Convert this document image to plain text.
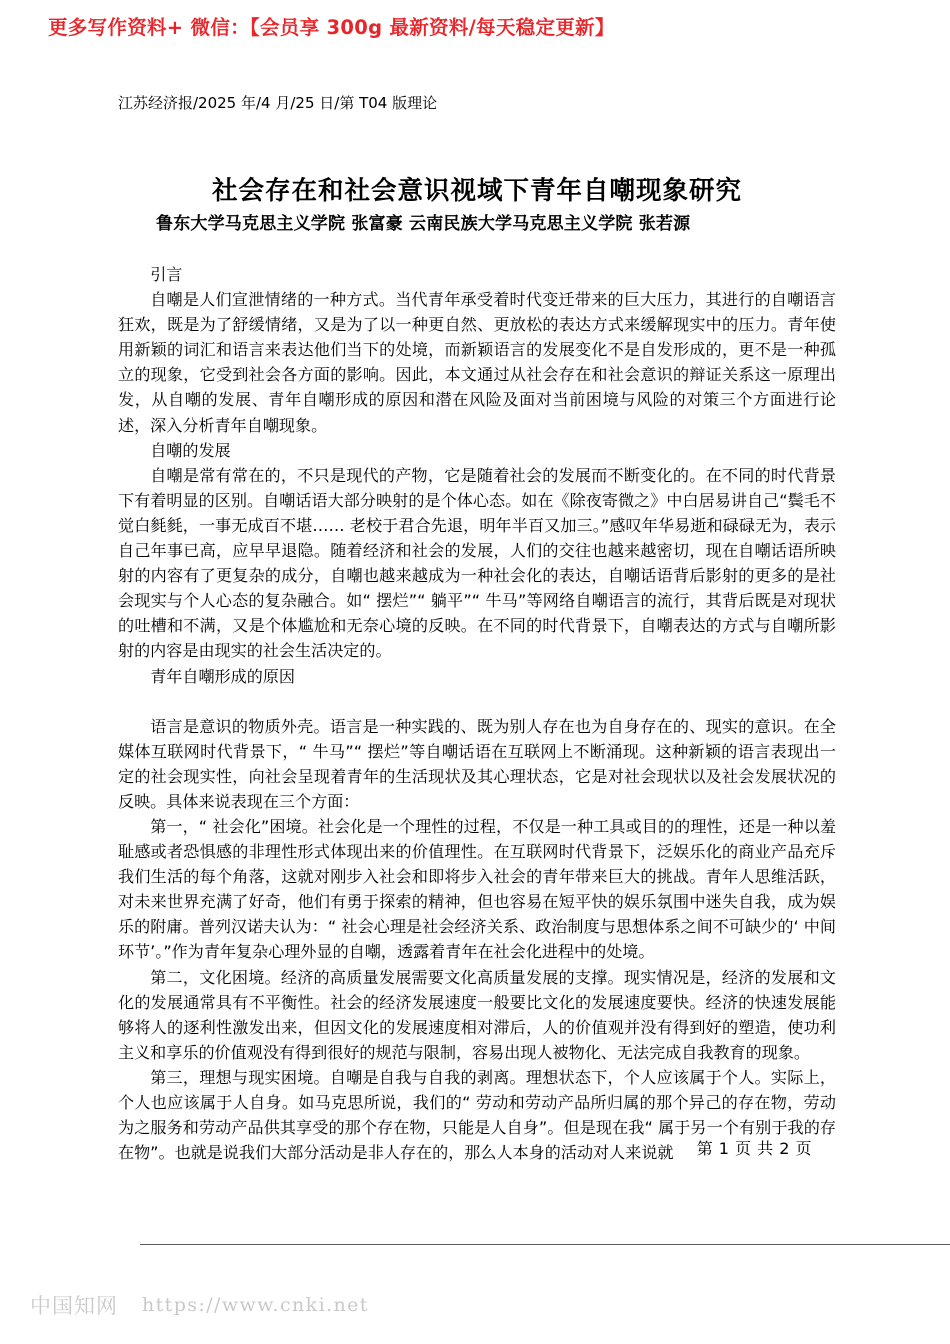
更多写作资料+ 微信：【会员享 300g 最新资料/每天稳定更新】
江苏经济报/2025 年/4 月/25 日/第 T04 版理论
社会存在和社会意识视域下青年自嘲现象研究
鲁东大学马克思主义学院 张富豪 云南民族大学马克思主义学院 张若源

引言

自嘲是人们宣泄情绪的一种方式。当代青年承受着时代变迁带来的巨大压力，其进行的自嘲语言狂欢，既是为了舒缓情绪，又是为了以一种更自然、更放松的表达方式来缓解现实中的压力。青年使用新颖的词汇和语言来表达他们当下的处境，而新颖语言的发展变化不是自发形成的，更不是一种孤立的现象，它受到社会各方面的影响。因此，本文通过从社会存在和社会意识的辩证关系这一原理出发，从自嘲的发展、青年自嘲形成的原因和潜在风险及面对当前困境与风险的对策三个方面进行论述，深入分析青年自嘲现象。

自嘲的发展

自嘲是常有常在的，不只是现代的产物，它是随着社会的发展而不断变化的。在不同的时代背景下有着明显的区别。自嘲话语大部分映射的是个体心态。如在《除夜寄微之》中白居易讲自己“鬓毛不觉白毵毵，一事无成百不堪…… 老校于君合先退，明年半百又加三。”感叹年华易逝和碌碌无为，表示自己年事已高，应早早退隐。随着经济和社会的发展，人们的交往也越来越密切，现在自嘲话语所映射的内容有了更复杂的成分，自嘲也越来越成为一种社会化的表达，自嘲话语背后影射的更多的是社会现实与个人心态的复杂融合。如“ 摆烂”“ 躺平”“ 牛马”等网络自嘲语言的流行，其背后既是对现状的吐槽和不满，又是个体尴尬和无奈心境的反映。在不同的时代背景下，自嘲表达的方式与自嘲所影射的内容是由现实的社会生活决定的。

青年自嘲形成的原因

语言是意识的物质外壳。语言是一种实践的、既为别人存在也为自身存在的、现实的意识。在全媒体互联网时代背景下，“ 牛马”“ 摆烂”等自嘲话语在互联网上不断涌现。这种新颖的语言表现出一定的社会现实性，向社会呈现着青年的生活现状及其心理状态，它是对社会现状以及社会发展状况的反映。具体来说表现在三个方面：

第一，“ 社会化”困境。社会化是一个理性的过程，不仅是一种工具或目的的理性，还是一种以羞耻感或者恐惧感的非理性形式体现出来的价值理性。在互联网时代背景下，泛娱乐化的商业产品充斥我们生活的每个角落，这就对刚步入社会和即将步入社会的青年带来巨大的挑战。青年人思维活跃，对未来世界充满了好奇，他们有勇于探索的精神，但也容易在短平快的娱乐氛围中迷失自我，成为娱乐的附庸。普列汉诺夫认为：“ 社会心理是社会经济关系、政治制度与思想体系之间不可缺少的‘ 中间环节’。”作为青年复杂心理外显的自嘲，透露着青年在社会化进程中的处境。

第二，文化困境。经济的高质量发展需要文化高质量发展的支撑。现实情况是，经济的发展和文化的发展通常具有不平衡性。社会的经济发展速度一般要比文化的发展速度要快。经济的快速发展能够将人的逐利性激发出来，但因文化的发展速度相对滞后，人的价值观并没有得到好的塑造，使功利主义和享乐的价值观没有得到很好的规范与限制，容易出现人被物化、无法完成自我教育的现象。

第三，理想与现实困境。自嘲是自我与自我的剥离。理想状态下，个人应该属于个人。实际上，个人也应该属于人自身。如马克思所说，我们的“ 劳动和劳动产品所归属的那个异己的存在物，劳动为之服务和劳动产品供其享受的那个存在物，只能是人自身”。但是现在我“ 属于另一个有别于我的存在物”。也就是说我们大部分活动是非人存在的，那么人本身的活动对人来说就	第 1 页 共 2 页
中国知网 https://www.cnki.net
